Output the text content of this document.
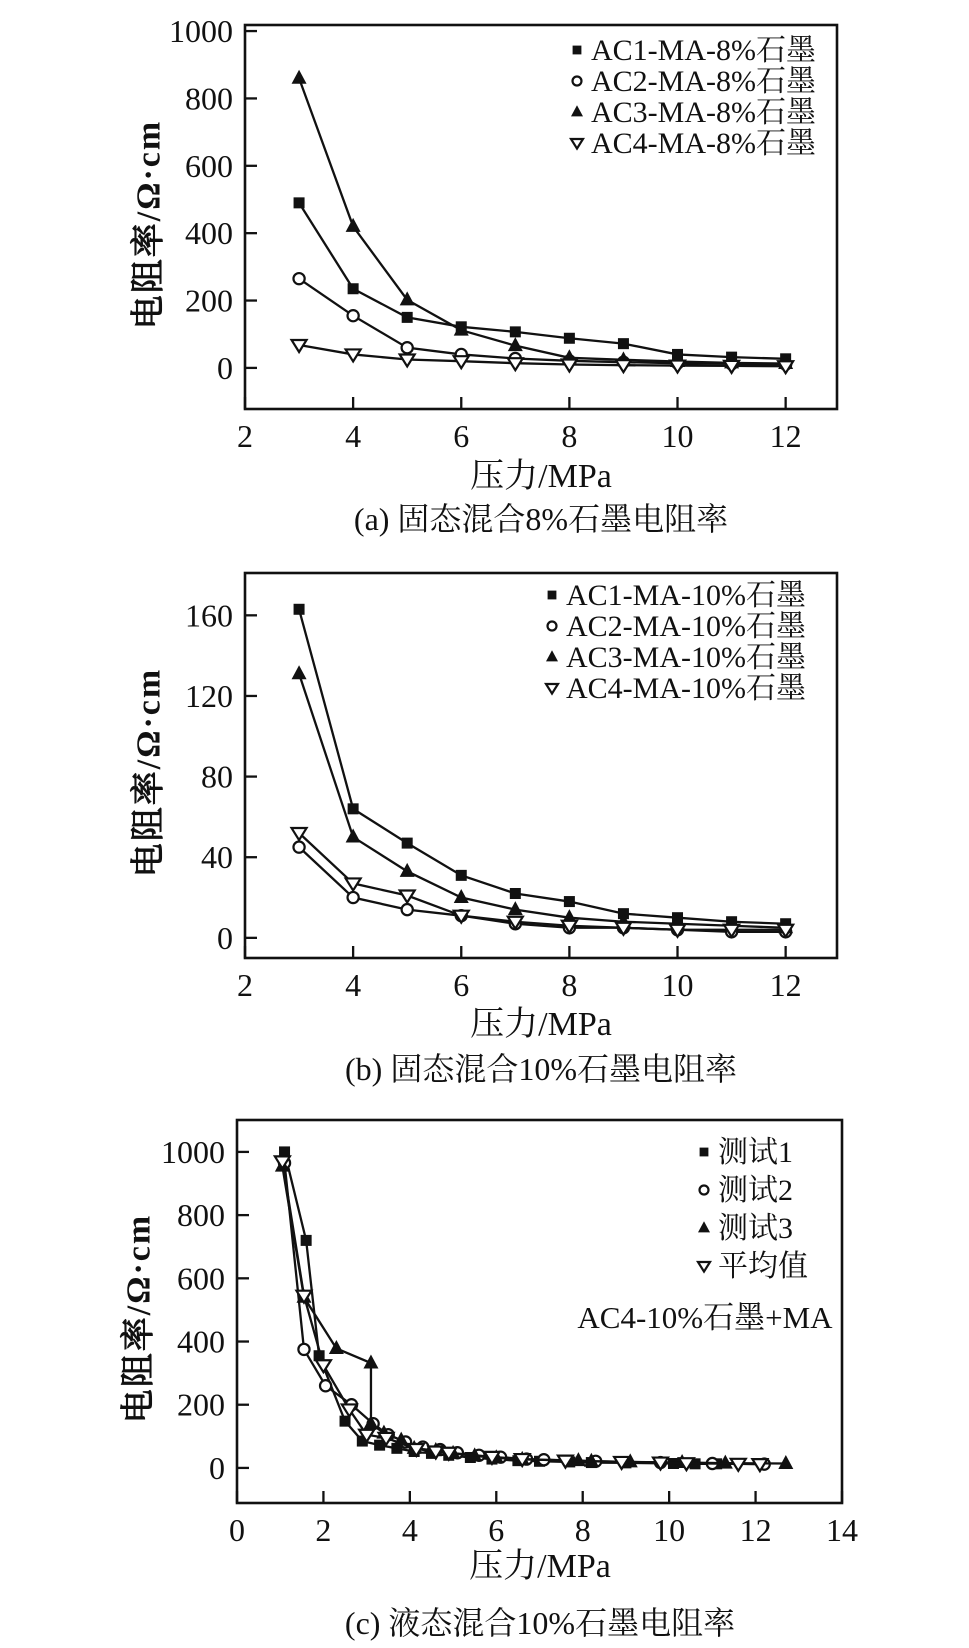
2	4	6	8	10 12
0
200
400
600
800
1000
AC1-MA-8%石墨
AC2-MA-8%石墨
AC3-MA-8%石墨
AC4-MA-8%石墨
2	4	6	8	10 12
0
40
80
120
160
AC1-MA-10%石墨
AC2-MA-10%石墨
AC3-MA-10%石墨
AC4-MA-10%石墨
0 2 4 6 8 10 12 14
0
200
400
600
800
1000	测试1
测试2
测试3
平均值
电阻率/Ω·cm
压力/MPa
(a) 固态混合8%石墨电阻率
电阻率/Ω·cm
压力/MPa
(b) 固态混合10%石墨电阻率
电阻率/Ω·cm	AC4-10%石墨+MA
压力/MPa
(c) 液态混合10%石墨电阻率
